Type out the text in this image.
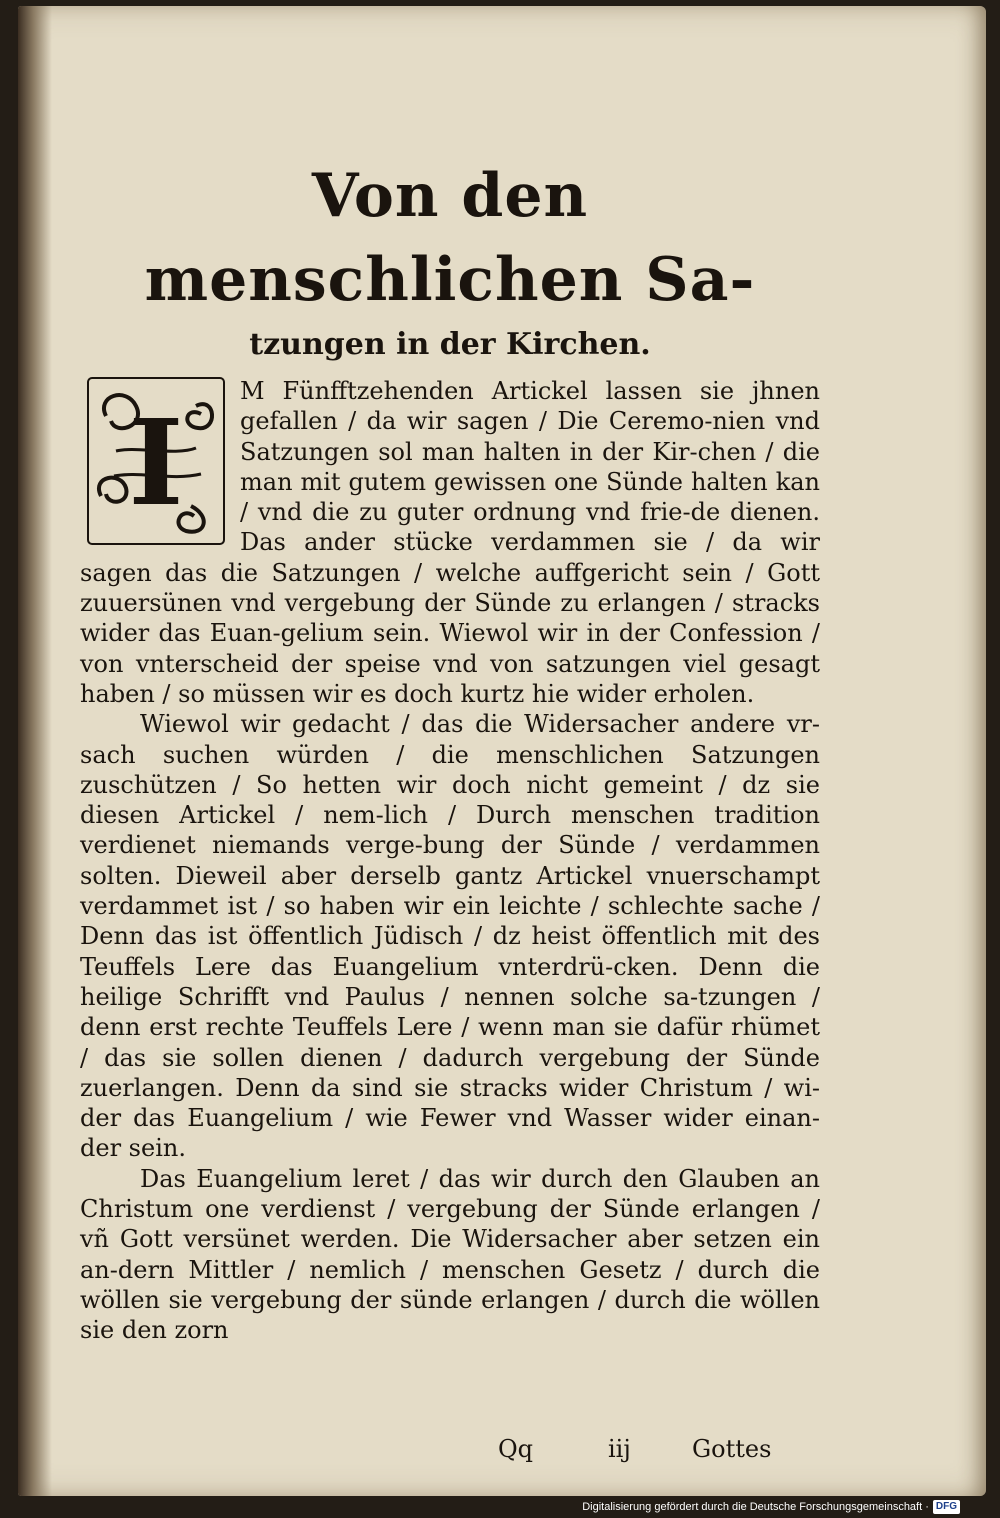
Von den menschlichen Sa-
tzungen in der Kirchen.
I

M Fünfftzehenden Artickel lassen sie jhnen gefallen / da wir sagen / Die Ceremo-nien vnd Satzungen sol man halten in der Kir-chen / die man mit gutem gewissen one Sünde halten kan / vnd die zu guter ordnung vnd frie-de dienen. Das ander stücke verdammen sie / da wir sagen das die Satzungen / welche auffgericht sein / Gott zuuersünen vnd vergebung der Sünde zu erlangen / stracks wider das Euan-gelium sein. Wiewol wir in der Confession / von vnterscheid der speise vnd von satzungen viel gesagt haben / so müssen wir es doch kurtz hie wider erholen.

Wiewol wir gedacht / das die Widersacher andere vr-sach suchen würden / die menschlichen Satzungen zuschützen / So hetten wir doch nicht gemeint / dz sie diesen Artickel / nem-lich / Durch menschen tradition verdienet niemands verge-bung der Sünde / verdammen solten. Dieweil aber derselb gantz Artickel vnuerschampt verdammet ist / so haben wir ein leichte / schlechte sache / Denn das ist öffentlich Jüdisch / dz heist öffentlich mit des Teuffels Lere das Euangelium vnterdrü-cken. Denn die heilige Schrifft vnd Paulus / nennen solche sa-tzungen / denn erst rechte Teuffels Lere / wenn man sie dafür rhümet / das sie sollen dienen / dadurch vergebung der Sünde zuerlangen. Denn da sind sie stracks wider Christum / wi-der das Euangelium / wie Fewer vnd Wasser wider einan-der sein.

Das Euangelium leret / das wir durch den Glauben an Christum one verdienst / vergebung der Sünde erlangen / vñ Gott versünet werden. Die Widersacher aber setzen ein an-dern Mittler / nemlich / menschen Gesetz / durch die wöllen sie vergebung der sünde erlangen / durch die wöllen sie den zorn

Qq	iij	Gottes
Digitalisierung gefördert durch die Deutsche Forschungsgemeinschaft · DFG
